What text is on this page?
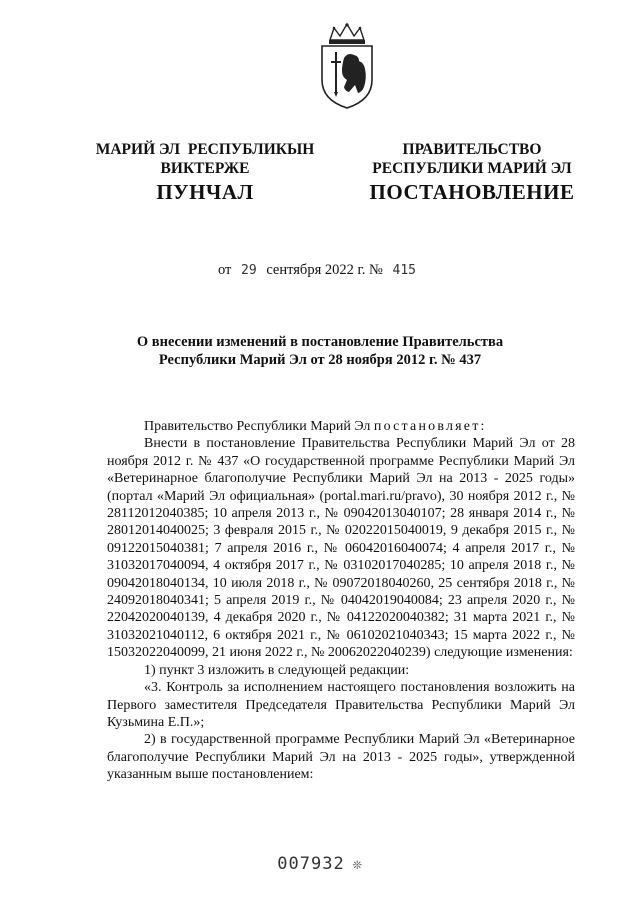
МАРИЙ ЭЛ  РЕСПУБЛИКЫН
ВИКТЕРЖЕ
ПРАВИТЕЛЬСТВО
РЕСПУБЛИКИ МАРИЙ ЭЛ
ПУНЧАЛ	ПОСТАНОВЛЕНИЕ
от 29 сентября 2022 г. № 415
О внесении изменений в постановление Правительства
Республики Марий Эл от 28 ноября 2012 г. № 437

Правительство Республики Марий Эл постановляет:

Внести в постановление Правительства Республики Марий Эл от 28 ноября 2012 г. № 437 «О государственной программе Республики Марий Эл «Ветеринарное благополучие Республики Марий Эл на 2013 - 2025 годы» (портал «Марий Эл официальная» (portal.mari.ru/pravo), 30 ноября 2012 г., № 28112012040385; 10 апреля 2013 г., № 09042013040107; 28 января 2014 г., № 28012014040025; 3 февраля 2015 г., № 02022015040019, 9 декабря 2015 г., № 09122015040381; 7 апреля 2016 г., № 06042016040074; 4 апреля 2017 г., № 31032017040094, 4 октября 2017 г., № 03102017040285; 10 апреля 2018 г., № 09042018040134, 10 июля 2018 г., № 09072018040260, 25 сентября 2018 г., № 24092018040341; 5 апреля 2019 г., № 04042019040084; 23 апреля 2020 г., № 22042020040139, 4 декабря 2020 г., № 04122020040382; 31 марта 2021 г., № 31032021040112, 6 октября 2021 г., № 06102021040343; 15 марта 2022 г., № 15032022040099, 21 июня 2022 г., № 20062022040239) следующие изменения:

1) пункт 3 изложить в следующей редакции:

«3. Контроль за исполнением настоящего постановления возложить на Первого заместителя Председателя Правительства Республики Марий Эл Кузьмина Е.П.»;

2) в государственной программе Республики Марий Эл «Ветеринарное благополучие Республики Марий Эл на 2013 - 2025 годы», утвержденной указанным выше постановлением:

007932 ❊
